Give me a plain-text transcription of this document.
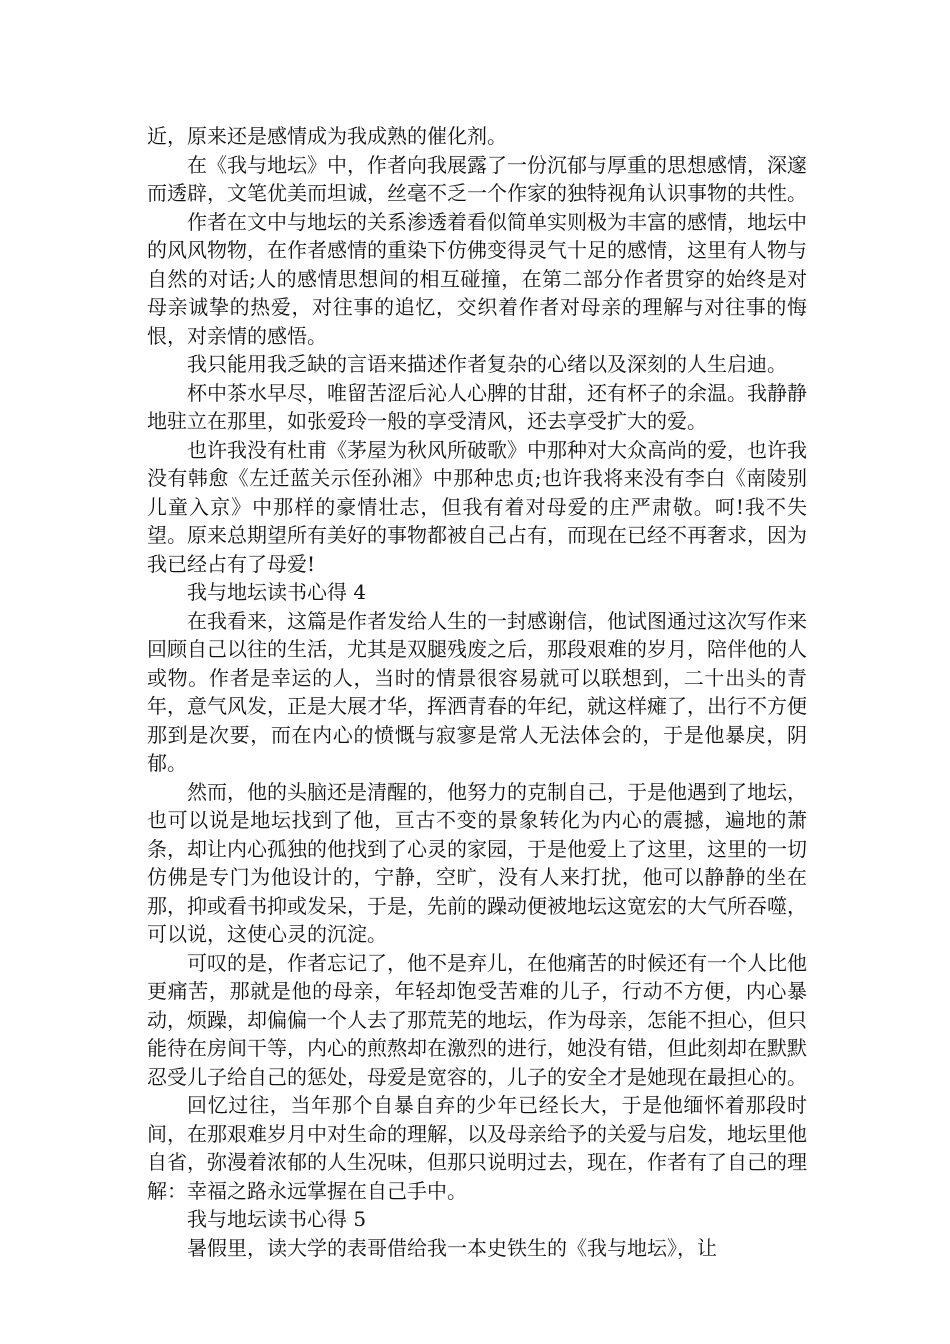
近，原来还是感情成为我成熟的催化剂。

在《我与地坛》中，作者向我展露了一份沉郁与厚重的思想感情，深邃而透辟，文笔优美而坦诚，丝毫不乏一个作家的独特视角认识事物的共性。

作者在文中与地坛的关系渗透着看似简单实则极为丰富的感情，地坛中的风风物物，在作者感情的重染下仿佛变得灵气十足的感情，这里有人物与自然的对话;人的感情思想间的相互碰撞，在第二部分作者贯穿的始终是对母亲诚挚的热爱，对往事的追忆，交织着作者对母亲的理解与对往事的悔恨，对亲情的感悟。

我只能用我乏缺的言语来描述作者复杂的心绪以及深刻的人生启迪。

杯中茶水早尽，唯留苦涩后沁人心脾的甘甜，还有杯子的余温。我静静地驻立在那里，如张爱玲一般的享受清风，还去享受扩大的爱。

也许我没有杜甫《茅屋为秋风所破歌》中那种对大众高尚的爱，也许我没有韩愈《左迁蓝关示侄孙湘》中那种忠贞;也许我将来没有李白《南陵别儿童入京》中那样的豪情壮志，但我有着对母爱的庄严肃敬。呵!我不失望。原来总期望所有美好的事物都被自己占有，而现在已经不再奢求，因为我已经占有了母爱!

我与地坛读书心得 4

在我看来，这篇是作者发给人生的一封感谢信，他试图通过这次写作来回顾自己以往的生活，尤其是双腿残废之后，那段艰难的岁月，陪伴他的人或物。作者是幸运的人，当时的情景很容易就可以联想到，二十出头的青年，意气风发，正是大展才华，挥洒青春的年纪，就这样瘫了，出行不方便那到是次要，而在内心的愤慨与寂寥是常人无法体会的，于是他暴戾，阴郁。

然而，他的头脑还是清醒的，他努力的克制自己，于是他遇到了地坛，也可以说是地坛找到了他，亘古不变的景象转化为内心的震撼，遍地的萧条，却让内心孤独的他找到了心灵的家园，于是他爱上了这里，这里的一切仿佛是专门为他设计的，宁静，空旷，没有人来打扰，他可以静静的坐在那，抑或看书抑或发呆，于是，先前的躁动便被地坛这宽宏的大气所吞噬，可以说，这使心灵的沉淀。

可叹的是，作者忘记了，他不是弃儿，在他痛苦的时候还有一个人比他更痛苦，那就是他的母亲，年轻却饱受苦难的儿子，行动不方便，内心暴动，烦躁，却偏偏一个人去了那荒芜的地坛，作为母亲，怎能不担心，但只能待在房间干等，内心的煎熬却在激烈的进行，她没有错，但此刻却在默默忍受儿子给自己的惩处，母爱是宽容的，儿子的安全才是她现在最担心的。

回忆过往，当年那个自暴自弃的少年已经长大，于是他缅怀着那段时间，在那艰难岁月中对生命的理解，以及母亲给予的关爱与启发，地坛里他自省，弥漫着浓郁的人生况味，但那只说明过去，现在，作者有了自己的理解：幸福之路永远掌握在自己手中。

我与地坛读书心得 5

暑假里，读大学的表哥借给我一本史铁生的《我与地坛》，让
